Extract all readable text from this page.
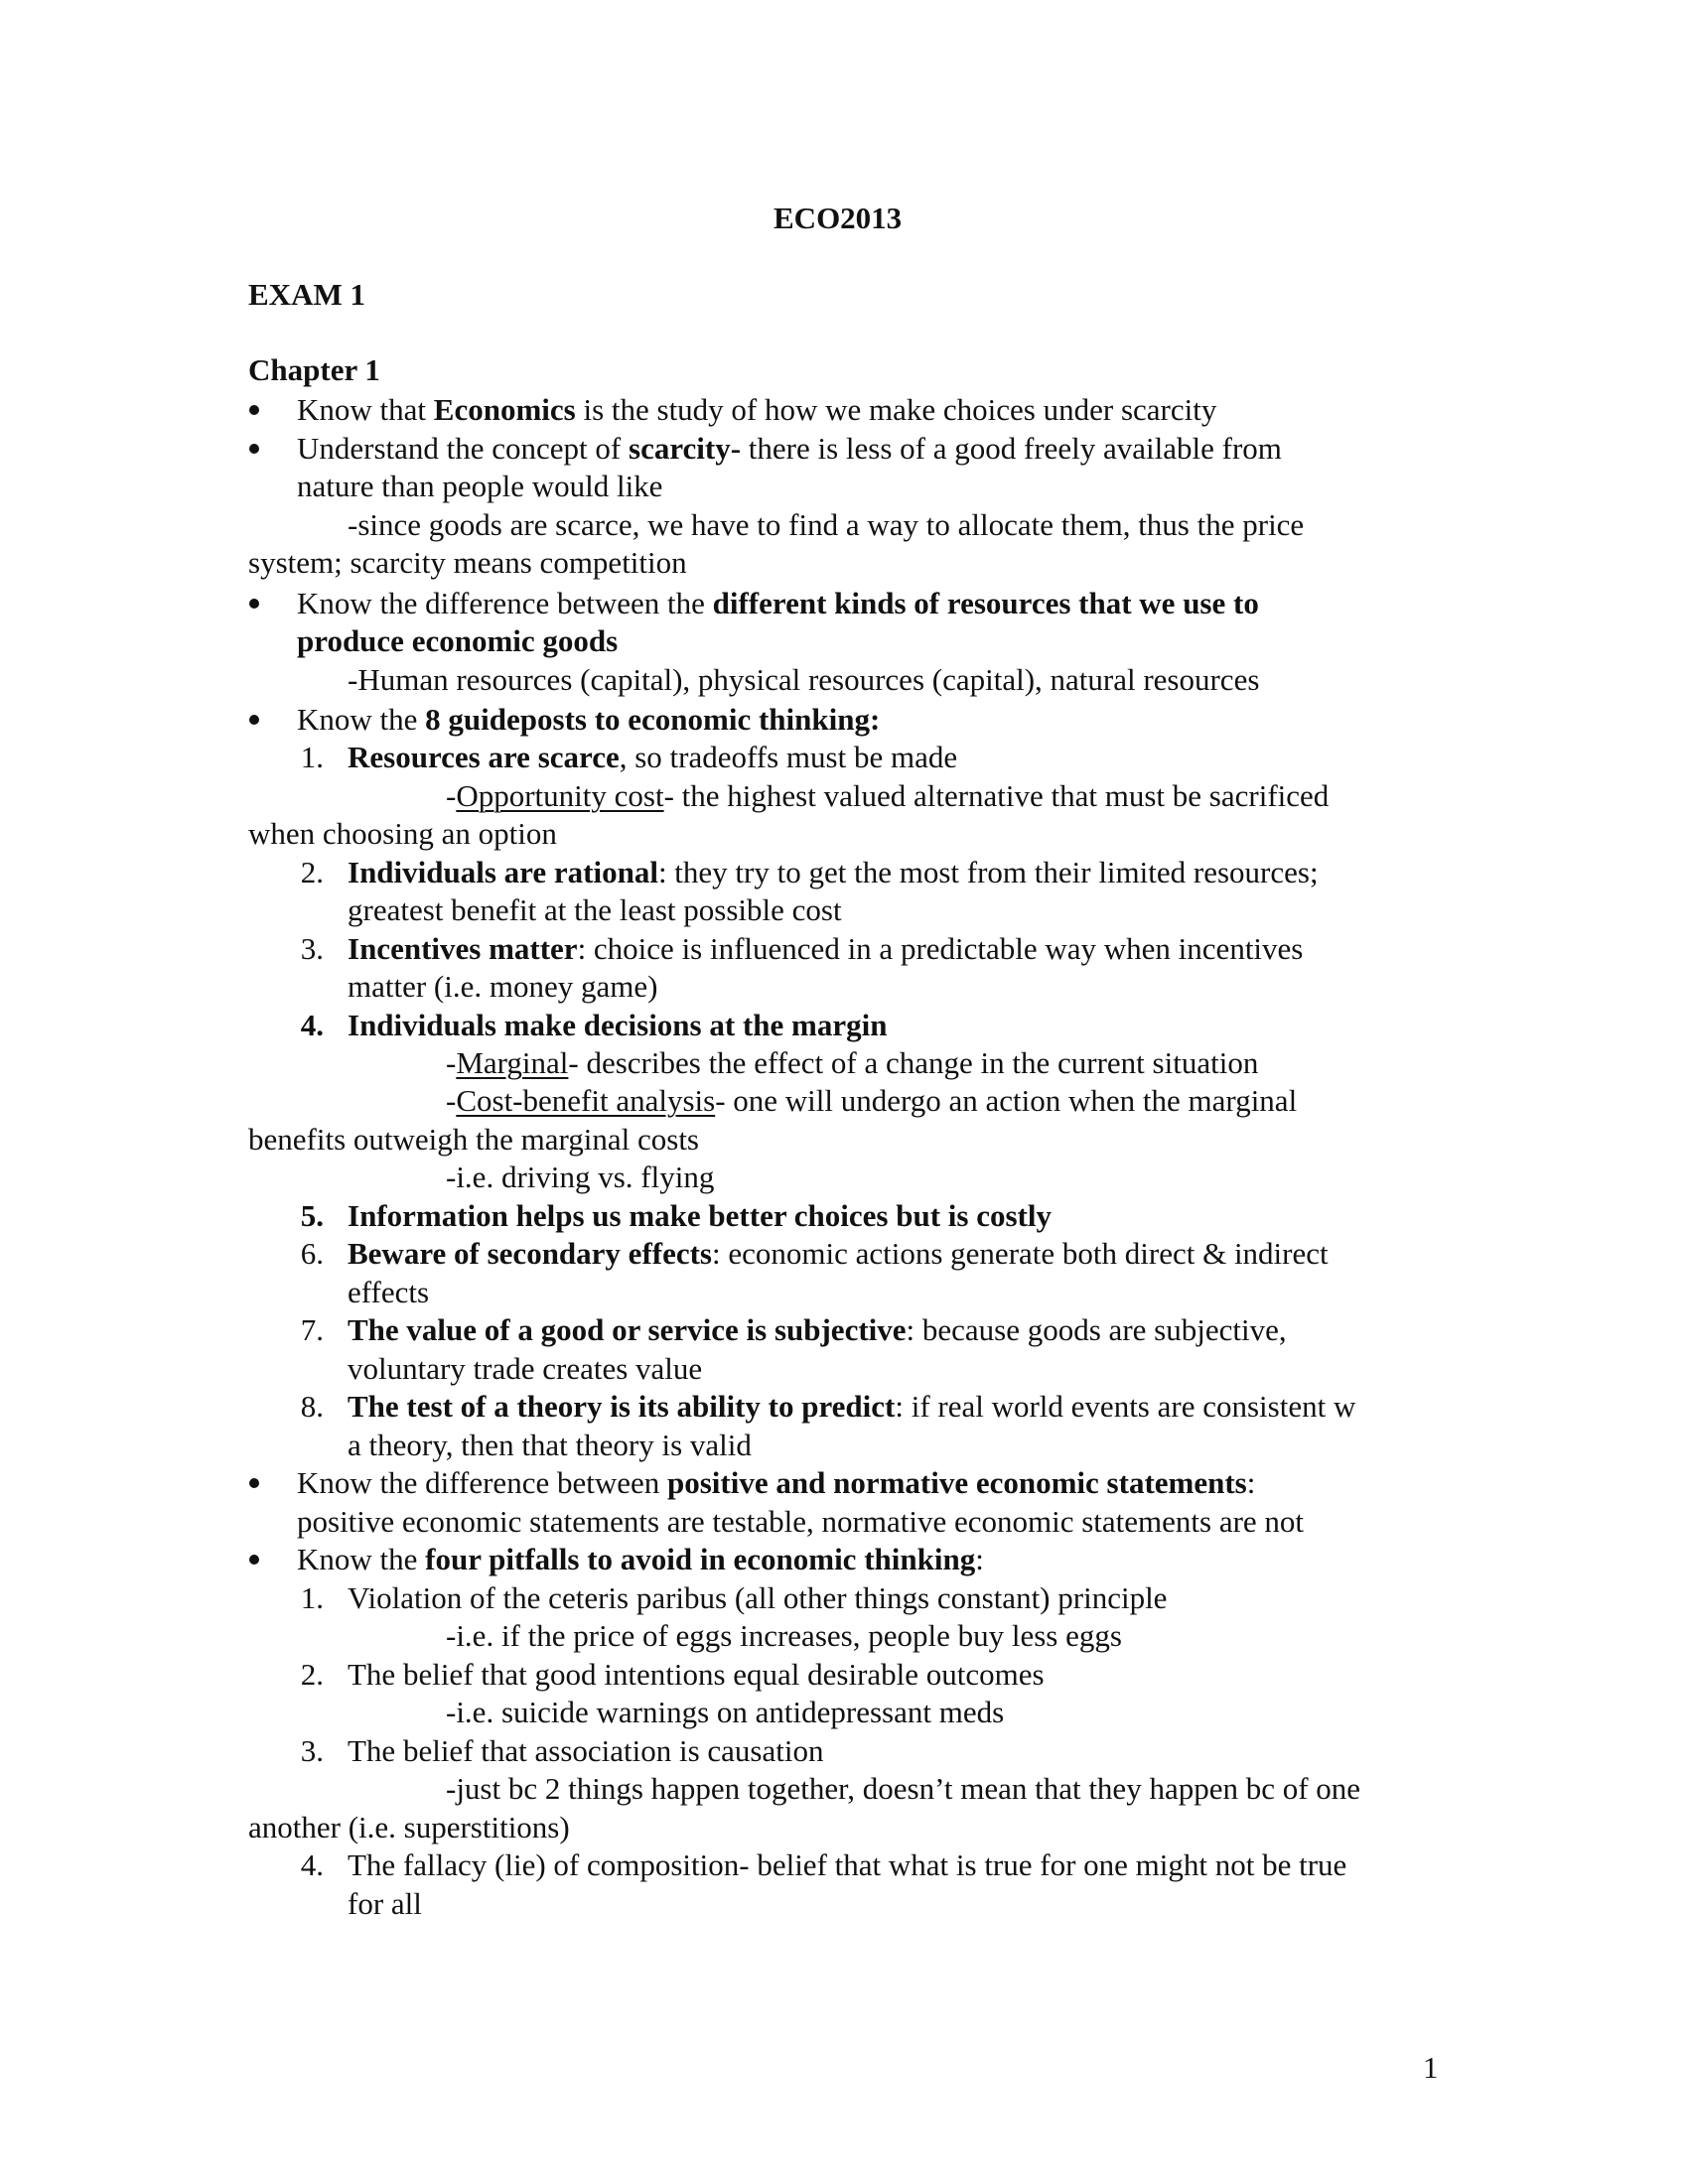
ECO2013
EXAM 1
Chapter 1
Know that Economics is the study of how we make choices under scarcity
Understand the concept of scarcity- there is less of a good freely available from
nature than people would like
-since goods are scarce, we have to find a way to allocate them, thus the price
system; scarcity means competition
Know the difference between the different kinds of resources that we use to
produce economic goods
-Human resources (capital), physical resources (capital), natural resources
Know the 8 guideposts to economic thinking:
1. Resources are scarce, so tradeoffs must be made
-Opportunity cost- the highest valued alternative that must be sacrificed
when choosing an option
2. Individuals are rational: they try to get the most from their limited resources;
greatest benefit at the least possible cost
3. Incentives matter: choice is influenced in a predictable way when incentives
matter (i.e. money game)
4. Individuals make decisions at the margin
-Marginal- describes the effect of a change in the current situation
-Cost-benefit analysis- one will undergo an action when the marginal
benefits outweigh the marginal costs
-i.e. driving vs. flying
5. Information helps us make better choices but is costly
6. Beware of secondary effects: economic actions generate both direct & indirect
effects
7. The value of a good or service is subjective: because goods are subjective,
voluntary trade creates value
8. The test of a theory is its ability to predict: if real world events are consistent w
a theory, then that theory is valid
Know the difference between positive and normative economic statements:
positive economic statements are testable, normative economic statements are not
Know the four pitfalls to avoid in economic thinking:
1. Violation of the ceteris paribus (all other things constant) principle
-i.e. if the price of eggs increases, people buy less eggs
2. The belief that good intentions equal desirable outcomes
-i.e. suicide warnings on antidepressant meds
3. The belief that association is causation
-just bc 2 things happen together, doesn’t mean that they happen bc of one
another (i.e. superstitions)
4. The fallacy (lie) of composition- belief that what is true for one might not be true
for all
1
